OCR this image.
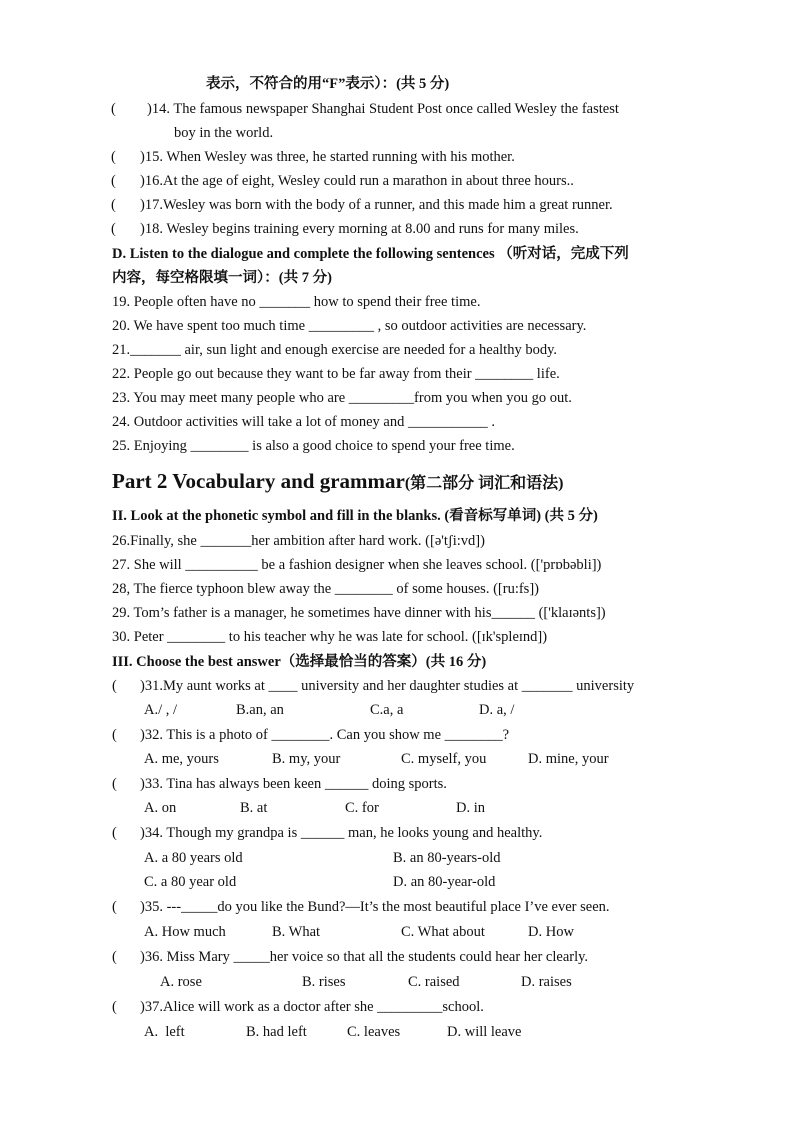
表示，不符合的用“F”表示）：(共 5 分)
( )14. The famous newspaper Shanghai Student Post once called Wesley the fastest
boy in the world.
( )15. When Wesley was three, he started running with his mother.
( )16.At the age of eight, Wesley could run a marathon in about three hours..
( )17.Wesley was born with the body of a runner, and this made him a great runner.
( )18. Wesley begins training every morning at 8.00 and runs for many miles.
D. Listen to the dialogue and complete the following sentences （听对话，完成下列
内容，每空格限填一词）：(共 7 分)
19. People often have no _______ how to spend their free time.
20. We have spent too much time _________ , so outdoor activities are necessary.
21._______ air, sun light and enough exercise are needed for a healthy body.
22. People go out because they want to be far away from their ________ life.
23. You may meet many people who are _________from you when you go out.
24. Outdoor activities will take a lot of money and ___________ .
25. Enjoying ________ is also a good choice to spend your free time.
Part 2 Vocabulary and grammar(第二部分 词汇和语法)
II. Look at the phonetic symbol and fill in the blanks. (看音标写单词) (共 5 分)
26.Finally, she _______her ambition after hard work. ([ə'tʃi:vd])
27. She will __________ be a fashion designer when she leaves school. (['prɒbəbli])
28, The fierce typhoon blew away the ________ of some houses. ([ru:fs])
29. Tom’s father is a manager, he sometimes have dinner with his______ (['klaɪənts])
30. Peter ________ to his teacher why he was late for school. ([ɪk'spleɪnd])
III. Choose the best answer（选择最恰当的答案）(共 16 分)
( )31.My aunt works at ____ university and her daughter studies at _______ university
A./ , /	B.an, an	C.a, a	D. a, /
( )32. This is a photo of ________. Can you show me ________?
A. me, yours	B. my, your	C. myself, you	D. mine, your
( )33. Tina has always been keen ______ doing sports.
A. on	B. at	C. for	D. in
( )34. Though my grandpa is ______ man, he looks young and healthy.
A. a 80 years old	B. an 80-years-old
C. a 80 year old	D. an 80-year-old
( )35. ---_____do you like the Bund?—It’s the most beautiful place I’ve ever seen.
A. How much	B. What	C. What about	D. How
( )36. Miss Mary _____her voice so that all the students could hear her clearly.
A. rose	B. rises	C. raised	D. raises
( )37.Alice will work as a doctor after she _________school.
A.  left	B. had left	C. leaves	D. will leave
